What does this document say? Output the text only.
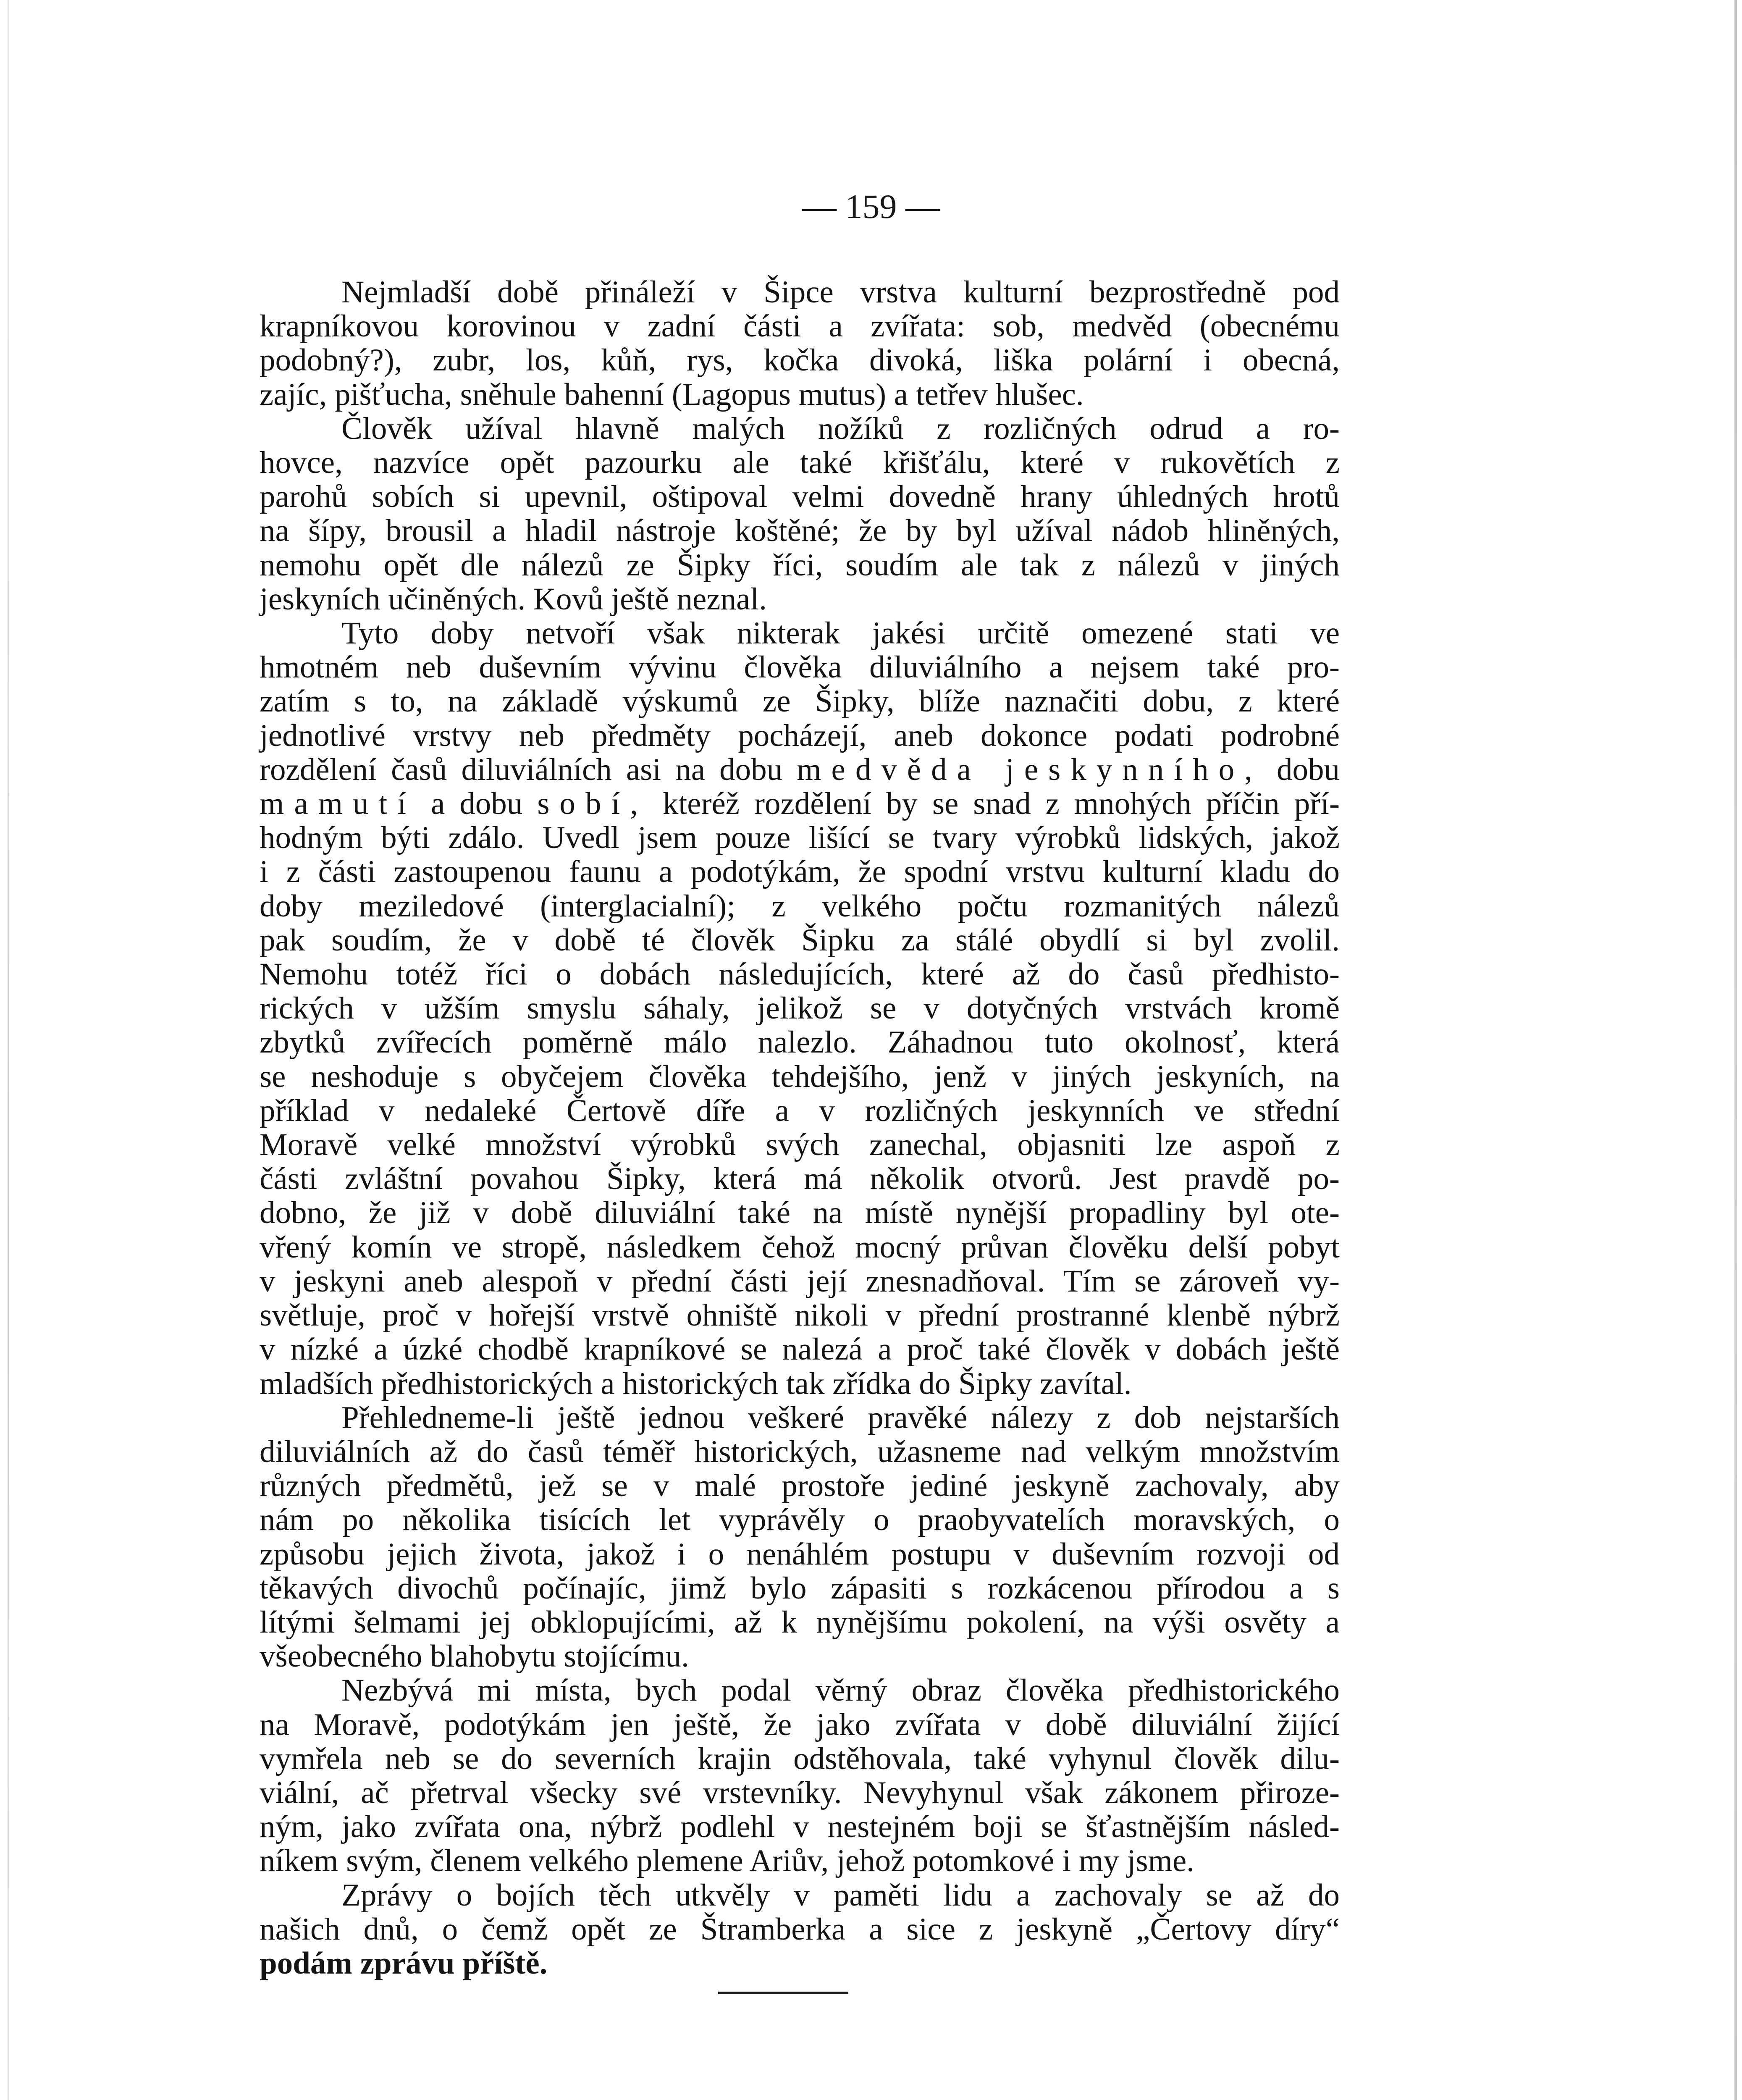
— 159 —

Nejmladší době přináleží v Šipce vrstva kulturní bezprostředně pod
krapníkovou korovinou v zadní části a zvířata: sob, medvěd (obecnému
podobný?), zubr, los, kůň, rys, kočka divoká, liška polární i obecná,
zajíc, pišťucha, sněhule bahenní (Lagopus mutus) a tetřev hlušec.

Člověk užíval hlavně malých nožíků z rozličných odrud a ro-
hovce, nazvíce opět pazourku ale také křišťálu, které v rukovětích z
parohů sobích si upevnil, oštipoval velmi dovedně hrany úhledných hrotů
na šípy, brousil a hladil nástroje koštěné; že by byl užíval nádob hliněných,
nemohu opět dle nálezů ze Šipky říci, soudím ale tak z nálezů v jiných
jeskyních učiněných. Kovů ještě neznal.

Tyto doby netvoří však nikterak jakési určitě omezené stati ve
hmotném neb duševním vývinu člověka diluviálního a nejsem také pro-
zatím s to, na základě výskumů ze Šipky, blíže naznačiti dobu, z které
jednotlivé vrstvy neb předměty pocházejí, aneb dokonce podati podrobné
rozdělení časů diluviálních asi na dobu medvěda jeskynního, dobu
mamutí a dobu sobí, kteréž rozdělení by se snad z mnohých příčin pří-
hodným býti zdálo. Uvedl jsem pouze lišící se tvary výrobků lidských, jakož
i z části zastoupenou faunu a podotýkám, že spodní vrstvu kulturní kladu do
doby meziledové (interglacialní); z velkého počtu rozmanitých nálezů
pak soudím, že v době té člověk Šipku za stálé obydlí si byl zvolil.
Nemohu totéž říci o dobách následujících, které až do časů předhisto-
rických v užším smyslu sáhaly, jelikož se v dotyčných vrstvách kromě
zbytků zvířecích poměrně málo nalezlo. Záhadnou tuto okolnosť, která
se neshoduje s obyčejem člověka tehdejšího, jenž v jiných jeskyních, na
příklad v nedaleké Čertově díře a v rozličných jeskynních ve střední
Moravě velké množství výrobků svých zanechal, objasniti lze aspoň z
části zvláštní povahou Šipky, která má několik otvorů. Jest pravdě po-
dobno, že již v době diluviální také na místě nynější propadliny byl ote-
vřený komín ve stropě, následkem čehož mocný průvan člověku delší pobyt
v jeskyni aneb alespoň v přední části její znesnadňoval. Tím se zároveň vy-
světluje, proč v hořejší vrstvě ohniště nikoli v přední prostranné klenbě nýbrž
v nízké a úzké chodbě krapníkové se nalezá a proč také člověk v dobách ještě
mladších předhistorických a historických tak zřídka do Šipky zavítal.

Přehledneme-li ještě jednou veškeré pravěké nálezy z dob nejstarších
diluviálních až do časů téměř historických, užasneme nad velkým množstvím
různých předmětů, jež se v malé prostoře jediné jeskyně zachovaly, aby
nám po několika tisících let vyprávěly o praobyvatelích moravských, o
způsobu jejich života, jakož i o nenáhlém postupu v duševním rozvoji od
těkavých divochů počínajíc, jimž bylo zápasiti s rozkácenou přírodou a s
lítými šelmami jej obklopujícími, až k nynějšímu pokolení, na výši osvěty a
všeobecného blahobytu stojícímu.

Nezbývá mi místa, bych podal věrný obraz člověka předhistorického
na Moravě, podotýkám jen ještě, že jako zvířata v době diluviální žijící
vymřela neb se do severních krajin odstěhovala, také vyhynul člověk dilu-
viální, ač přetrval všecky své vrstevníky. Nevyhynul však zákonem přiroze-
ným, jako zvířata ona, nýbrž podlehl v nestejném boji se šťastnějším násled-
níkem svým, členem velkého plemene Ariův, jehož potomkové i my jsme.

Zprávy o bojích těch utkvěly v paměti lidu a zachovaly se až do
našich dnů, o čemž opět ze Štramberka a sice z jeskyně „Čertovy díry“
podám zprávu příště.
